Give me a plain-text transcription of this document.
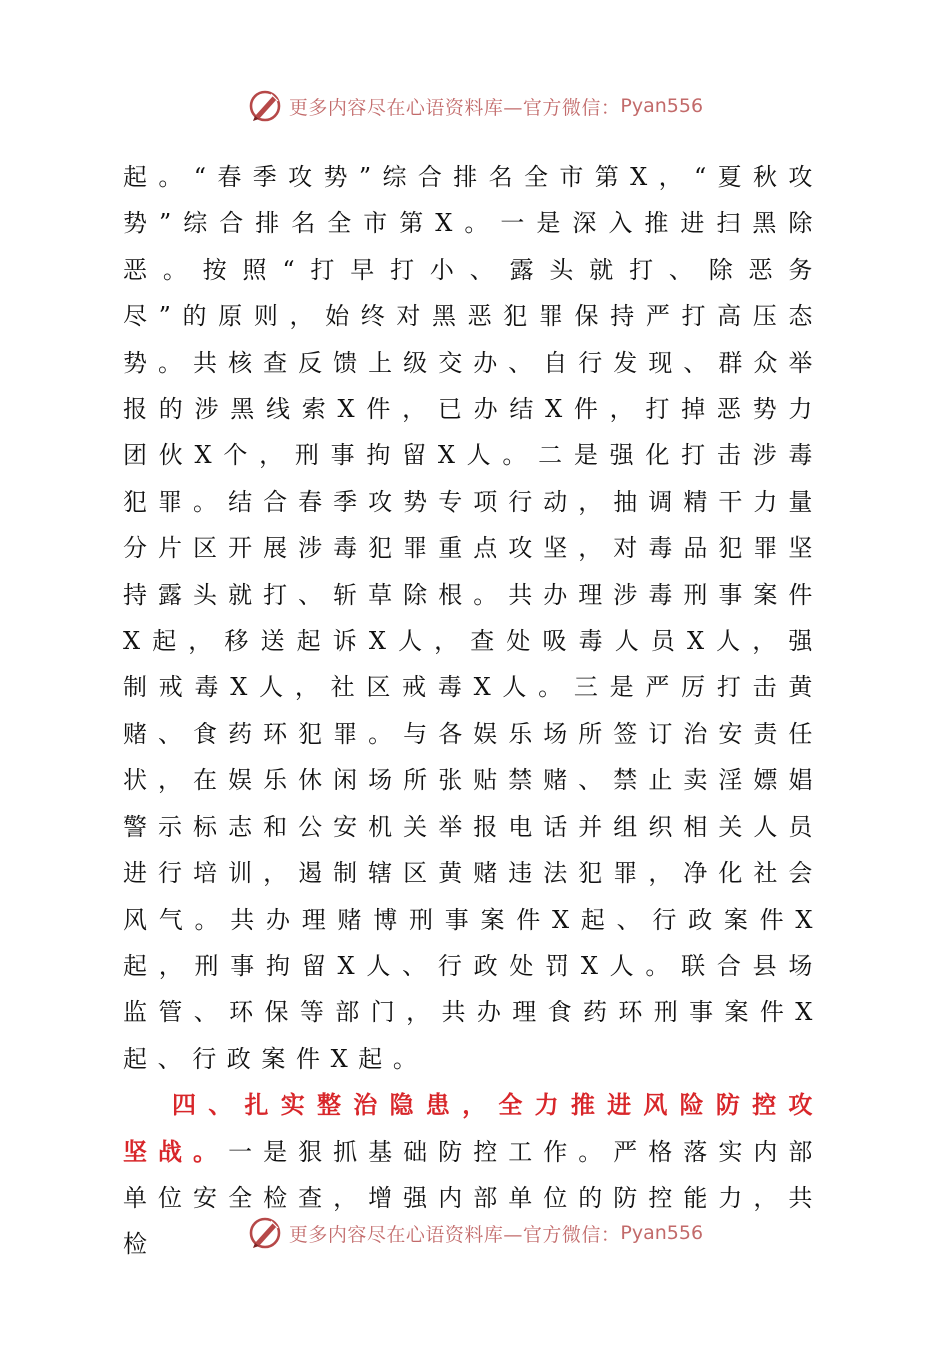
更多内容尽在心语资料库—官方微信： Pyan556

起。“春季攻势”综合排名全市第X，“夏秋攻势”综合排名全市第X。一是深入推进扫黑除恶。按照“打早打小、露头就打、除恶务尽”的原则，始终对黑恶犯罪保持严打高压态势。共核查反馈上级交办、自行发现、群众举报的涉黑线索X件，已办结X件，打掉恶势力团伙X个，刑事拘留X人。二是强化打击涉毒犯罪。结合春季攻势专项行动，抽调精干力量分片区开展涉毒犯罪重点攻坚，对毒品犯罪坚持露头就打、斩草除根。共办理涉毒刑事案件X起，移送起诉X人，查处吸毒人员X人，强制戒毒X人，社区戒毒X人。三是严厉打击黄赌、食药环犯罪。与各娱乐场所签订治安责任状，在娱乐休闲场所张贴禁赌、禁止卖淫嫖娼警示标志和公安机关举报电话并组织相关人员进行培训，遏制辖区黄赌违法犯罪，净化社会风气。共办理赌博刑事案件X起、行政案件X起，刑事拘留X人、行政处罚X人。联合县场监管、环保等部门，共办理食药环刑事案件X起、行政案件X起。

四、扎实整治隐患，全力推进风险防控攻坚战。一是狠抓基础防控工作。严格落实内部单位安全检查，增强内部单位的防控能力，共检	更多内容尽在心语资料库—官方微信： Pyan556
